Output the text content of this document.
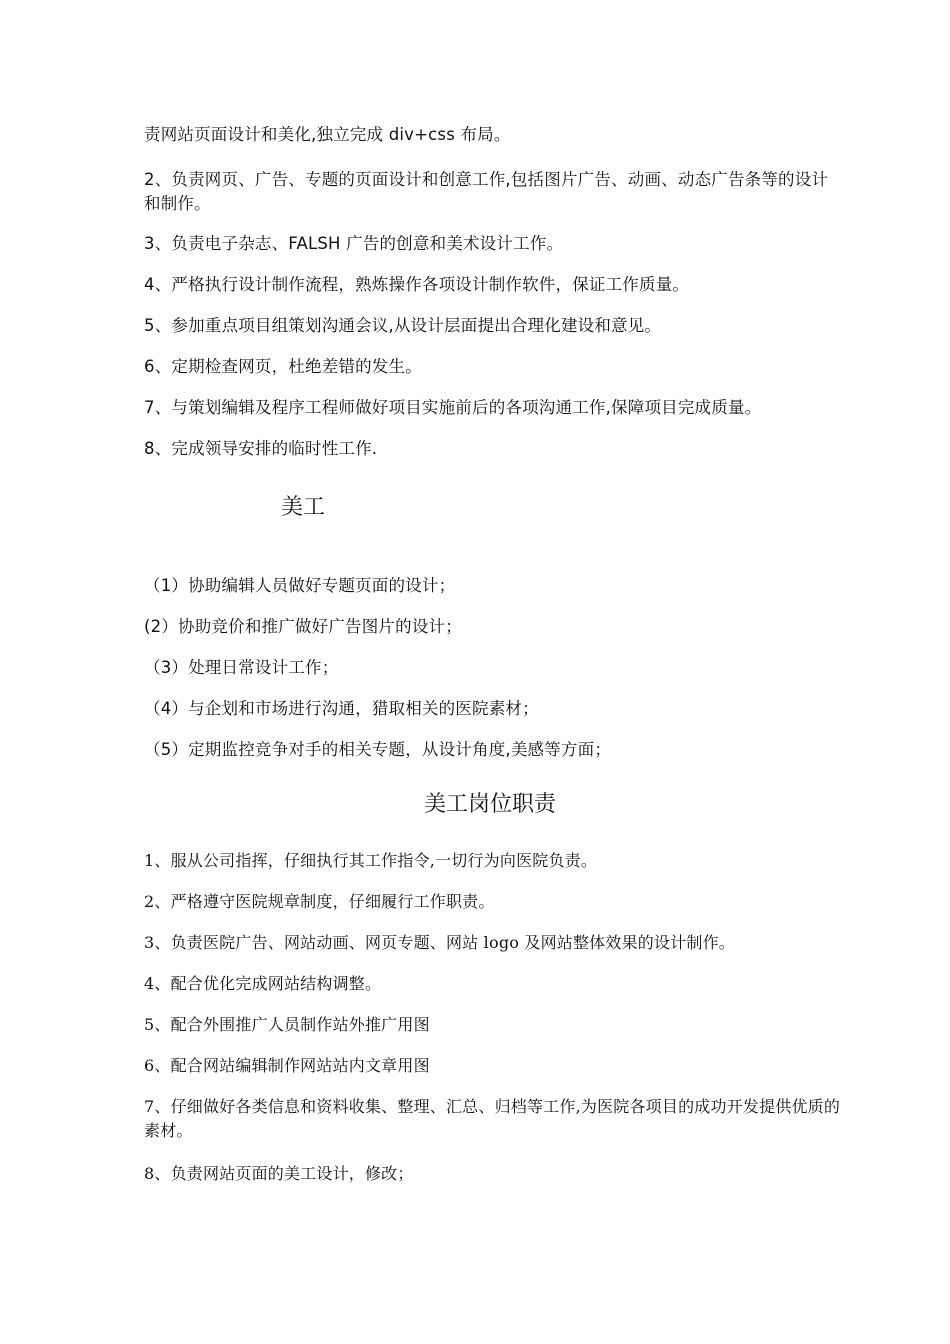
责网站页面设计和美化,独立完成 div+css 布局。
2、负责网页、广告、专题的页面设计和创意工作,包括图片广告、动画、动态广告条等的设计和制作。
3、负责电子杂志、FALSH 广告的创意和美术设计工作。
4、严格执行设计制作流程，熟炼操作各项设计制作软件，保证工作质量。
5、参加重点项目组策划沟通会议,从设计层面提出合理化建设和意见。
6、定期检查网页，杜绝差错的发生。
7、与策划编辑及程序工程师做好项目实施前后的各项沟通工作,保障项目完成质量。
8、完成领导安排的临时性工作.
美工
（1）协助编辑人员做好专题页面的设计；
(2）协助竞价和推广做好广告图片的设计；
（3）处理日常设计工作；
（4）与企划和市场进行沟通，猎取相关的医院素材；
（5）定期监控竞争对手的相关专题，从设计角度,美感等方面；
美工岗位职责
1、服从公司指挥，仔细执行其工作指令,一切行为向医院负责。
2、严格遵守医院规章制度，仔细履行工作职责。
3、负责医院广告、网站动画、网页专题、网站 logo 及网站整体效果的设计制作。
4、配合优化完成网站结构调整。
5、配合外围推广人员制作站外推广用图
6、配合网站编辑制作网站站内文章用图
7、仔细做好各类信息和资料收集、整理、汇总、归档等工作,为医院各项目的成功开发提供优质的素材。
8、负责网站页面的美工设计，修改；
